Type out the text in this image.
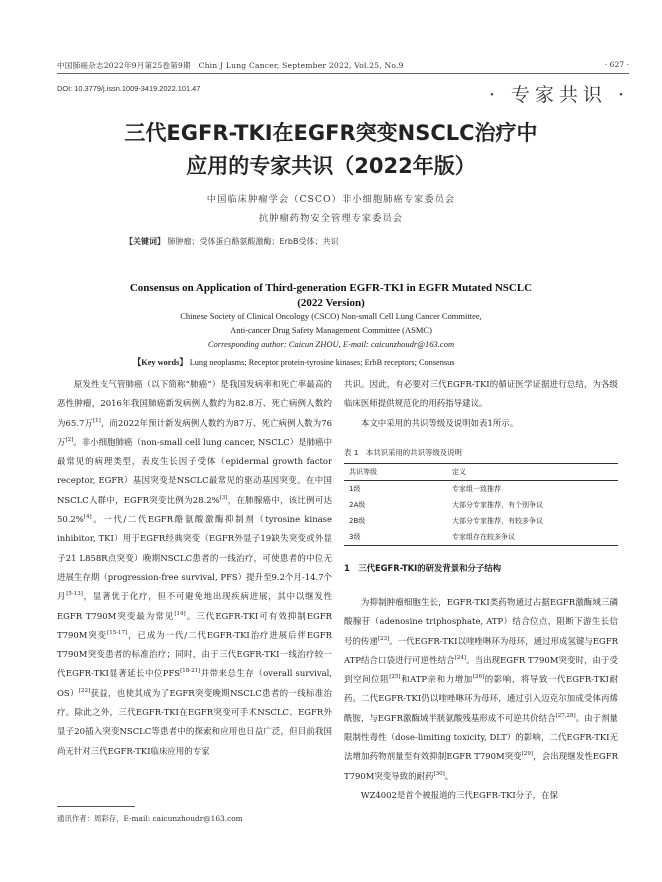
中国肺癌杂志2022年9月第25卷第9期　Chin J Lung Cancer, September 2022, Vol.25, No.9	· 627 ·
DOI: 10.3779/j.issn.1009-3419.2022.101.47	· 专家共识 ·
三代EGFR-TKI在EGFR突变NSCLC治疗中
应用的专家共识（2022年版）
中国临床肿瘤学会（CSCO）非小细胞肺癌专家委员会
抗肿瘤药物安全管理专家委员会
【关键词】 肺肿瘤；受体蛋白酪氨酸激酶；ErbB受体；共识
Consensus on Application of Third-generation EGFR-TKI in EGFR Mutated NSCLC
(2022 Version)
Chinese Society of Clinical Oncology (CSCO) Non-small Cell Lung Cancer Committee,
Anti-cancer Drug Safety Management Committee (ASMC)
Corresponding author: Caicun ZHOU, E-mail: caicunzhoudr@163.com
【Key words】 Lung neoplasms; Receptor protein-tyrosine kinases; ErbB receptors; Consensus

原发性支气管肺癌（以下简称“肺癌”）是我国发病率和死亡率最高的恶性肿瘤，2016年我国肺癌新发病例人数约为82.8万、死亡病例人数约为65.7万[1]，而2022年预计新发病例人数约为87万、死亡病例人数为76万[2]。非小细胞肺癌（non-small cell lung cancer, NSCLC）是肺癌中最常见的病理类型，表皮生长因子受体（epidermal growth factor receptor, EGFR）基因突变是NSCLC最常见的驱动基因突变。在中国NSCLC人群中，EGFR突变比例为28.2%[3]，在肺腺癌中，该比例可达50.2%[4]。一代/二代EGFR酪氨酸激酶抑制剂（tyrosine kinase inhibitor, TKI）用于EGFR经典突变（EGFR外显子19缺失突变或外显子21 L858R点突变）晚期NSCLC患者的一线治疗，可使患者的中位无进展生存期（progression-free survival, PFS）提升至9.2个月-14.7个月[5-13]，显著优于化疗，但不可避免地出现疾病进展，其中以继发性EGFR T790M突变最为常见[14]。三代EGFR-TKI可有效抑制EGFR T790M突变[15-17]，已成为一代/二代EGFR-TKI治疗进展后伴EGFR T790M突变患者的标准治疗；同时，由于三代EGFR-TKI一线治疗较一代EGFR-TKI显著延长中位PFS[18-21]并带来总生存（overall survival, OS）[22]获益，也使其成为了EGFR突变晚期NSCLC患者的一线标准治疗。除此之外，三代EGFR-TKI在EGFR突变可手术NSCLC、EGFR外显子20插入突变NSCLC等患者中的探索和应用也日益广泛，但目前我国尚无针对三代EGFR-TKI临床应用的专家

共识。因此，有必要对三代EGFR-TKI的循证医学证据进行总结，为各级临床医师提供规范化的用药指导建议。

本文中采用的共识等级及说明如表1所示。

表 1　本共识采用的共识等级及说明
共识等级	定义
1级	专家组一致推荐
2A级	大部分专家推荐，有个别争议
2B级	大部分专家推荐，有较多争议
3级	专家组存在较多争议
1　三代EGFR-TKI的研发背景和分子结构

为抑制肿瘤细胞生长，EGFR-TKI类药物通过占据EGFR激酶域三磷酸腺苷（adenosine triphosphate, ATP）结合位点，阻断下游生长信号的传递[23]。一代EGFR-TKI以喹唑啉环为母环，通过形成氢键与EGFR ATP结合口袋进行可逆性结合[24]。当出现EGFR T790M突变时，由于受到空间位阻[25]和ATP亲和力增加[26]的影响，将导致一代EGFR-TKI耐药。二代EGFR-TKI仍以喹唑啉环为母环，通过引入迈克尔加成受体丙烯酰胺，与EGFR激酶域半胱氨酸残基形成不可逆共价结合[27,28]。由于剂量限制性毒性（dose-limiting toxicity, DLT）的影响，二代EGFR-TKI无法增加药物剂量至有效抑制EGFR T790M突变[29]，会出现继发性EGFR T790M突变导致的耐药[30]。

WZ4002是首个被报道的三代EGFR-TKI分子，在保

通讯作者：周彩存，E-mail: caicunzhoudr@163.com
